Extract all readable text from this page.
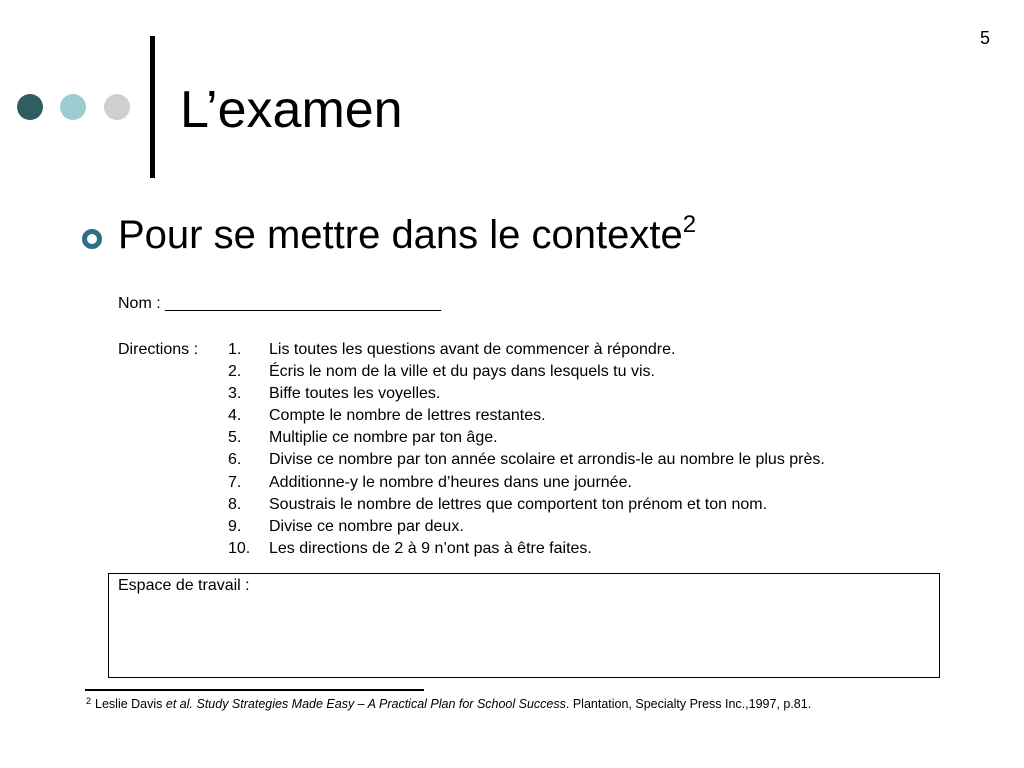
5
L’examen
Pour se mettre dans le contexte$^2$
Nom : _______________________________
Directions : 1. Lis toutes les questions avant de commencer à répondre.
2. Écris le nom de la ville et du pays dans lesquels tu vis.
3. Biffe toutes les voyelles.
4. Compte le nombre de lettres restantes.
5. Multiplie ce nombre par ton âge.
6. Divise ce nombre par ton année scolaire et arrondis-le au nombre le plus près.
7. Additionne-y le nombre d’heures dans une journée.
8. Soustrais le nombre de lettres que comportent ton prénom et ton nom.
9. Divise ce nombre par deux.
10. Les directions de 2 à 9 n’ont pas à être faites.
Espace de travail :
$^2$ Leslie Davis et al. Study Strategies Made Easy – A Practical Plan for School Success. Plantation, Specialty Press Inc.,1997, p.81.
